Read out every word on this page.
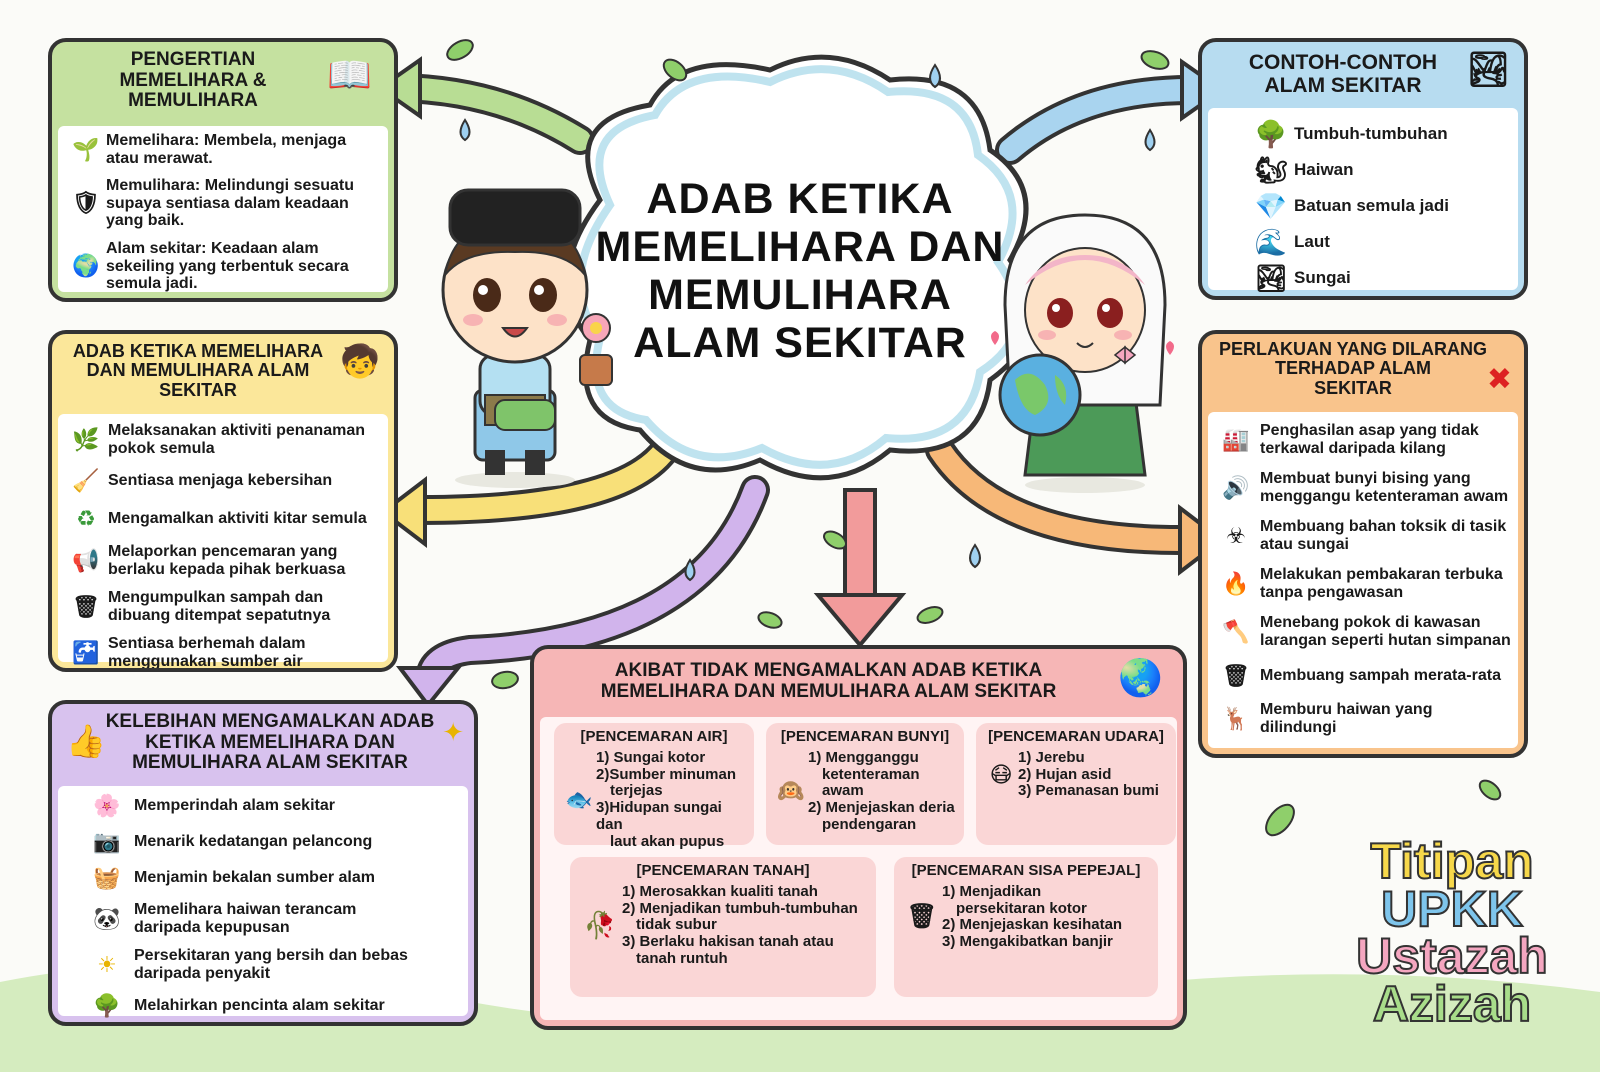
ADAB KETIKA
MEMELIHARA DAN
MEMULIHARA
ALAM SEKITAR
PENGERTIAN
MEMELIHARA &
MEMULIHARA
📖
🌱 Memelihara: Membela, menjaga
atau merawat.
🛡
Memulihara: Melindungi sesuatu
supaya sentiasa dalam keadaan
yang baik.
🌍
Alam sekitar: Keadaan alam
sekeiling yang terbentuk secara
semula jadi.
CONTOH-CONTOH
ALAM SEKITAR	🏞
🌳 Tumbuh-tumbuhan
🐿 Haiwan
💎 Batuan semula jadi
🌊 Laut
🏞 Sungai
ADAB KETIKA MEMELIHARA
DAN MEMULIHARA ALAM
SEKITAR
🧒
🌿 Melaksanakan aktiviti penanaman
pokok semula
🧹 Sentiasa menjaga kebersihan
♻ Mengamalkan aktiviti kitar semula
📢 Melaporkan pencemaran yang
berlaku kepada pihak berkuasa
🗑 Mengumpulkan sampah dan
dibuang ditempat sepatutnya
🚰 Sentiasa berhemah dalam
menggunakan sumber air
PERLAKUAN YANG DILARANG
TERHADAP ALAM
SEKITAR	✖
🏭 Penghasilan asap yang tidak
terkawal daripada kilang
🔊 Membuat bunyi bising yang
menggangu ketenteraman awam
☣ Membuang bahan toksik di tasik
atau sungai
🔥 Melakukan pembakaran terbuka
tanpa pengawasan
🪓 Menebang pokok di kawasan
larangan seperti hutan simpanan
🗑 Membuang sampah merata-rata
🦌 Memburu haiwan yang
dilindungi
KELEBIHAN MENGAMALKAN ADAB
KETIKA MEMELIHARA DAN
MEMULIHARA ALAM SEKITAR
👍	✦
🌸 Memperindah alam sekitar
📷 Menarik kedatangan pelancong
🧺 Menjamin bekalan sumber alam
🐼 Memelihara haiwan terancam
daripada kepupusan
☀	Persekitaran yang bersih dan bebas
daripada penyakit
🌳 Melahirkan pencinta alam sekitar
AKIBAT TIDAK MENGAMALKAN ADAB KETIKA
MEMELIHARA DAN MEMULIHARA ALAM SEKITAR	🌏
[PENCEMARAN AIR]
🐟
1) Sungai kotor
2)Sumber minuman
terjejas
3)Hidupan sungai dan
laut akan pupus
[PENCEMARAN BUNYI]
🙉
1) Mengganggu
ketenteraman awam
2) Menjejaskan deria
pendengaran
[PENCEMARAN UDARA]
😷
1) Jerebu
2) Hujan asid
3) Pemanasan bumi
[PENCEMARAN TANAH]
🥀
1) Merosakkan kualiti tanah
2) Menjadikan tumbuh-tumbuhan
tidak subur
3) Berlaku hakisan tanah atau
tanah runtuh
[PENCEMARAN SISA PEPEJAL]
🗑
1) Menjadikan
persekitaran kotor
2) Menjejaskan kesihatan
3) Mengakibatkan banjir
Titipan
UPKK
Ustazah
Azizah
